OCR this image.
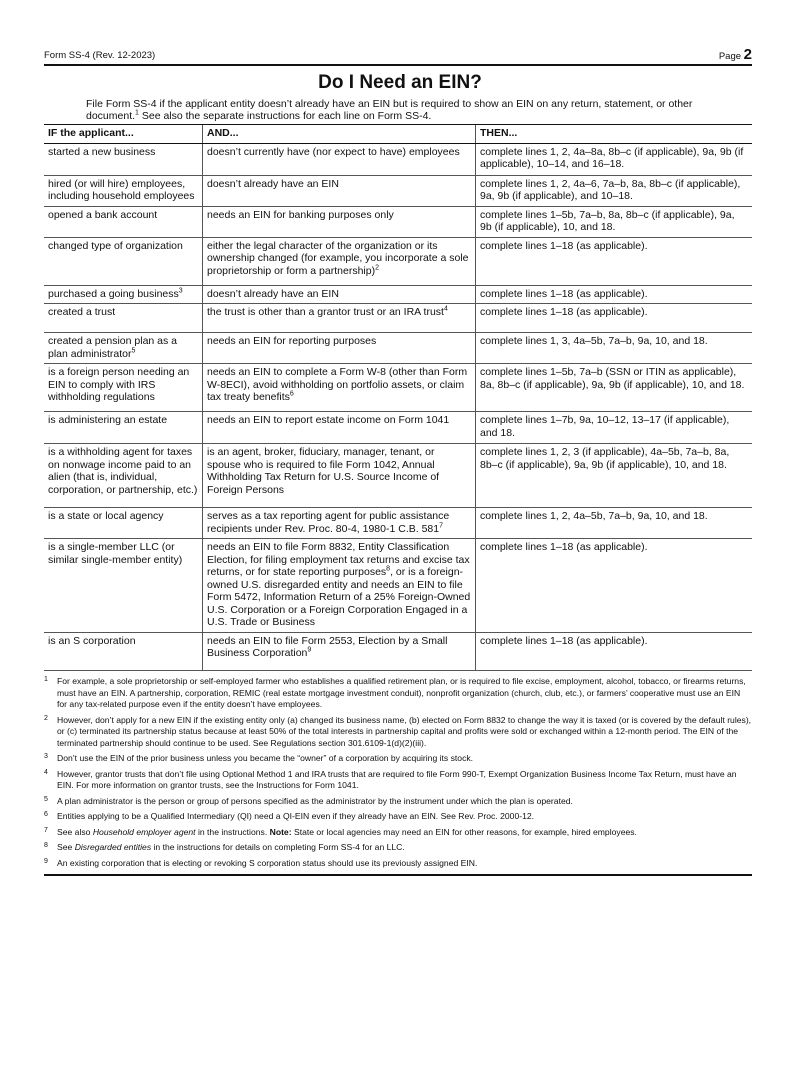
Form SS-4 (Rev. 12-2023)	Page 2
Do I Need an EIN?
File Form SS-4 if the applicant entity doesn’t already have an EIN but is required to show an EIN on any return, statement, or other document.$^1$ See also the separate instructions for each line on Form SS-4.
IF the applicant...	AND...	THEN...
started a new business	doesn’t currently have (nor expect to have) employees	complete lines 1, 2, 4a–8a, 8b–c (if applicable), 9a, 9b (if applicable), 10–14, and 16–18.
hired (or will hire) employees, including household employees	doesn’t already have an EIN	complete lines 1, 2, 4a–6, 7a–b, 8a, 8b–c (if applicable), 9a, 9b (if applicable), and 10–18.
opened a bank account	needs an EIN for banking purposes only	complete lines 1–5b, 7a–b, 8a, 8b–c (if applicable), 9a, 9b (if applicable), 10, and 18.
changed type of organization	either the legal character of the organization or its ownership changed (for example, you incorporate a sole proprietorship or form a partnership)$^2$	complete lines 1–18 (as applicable).
purchased a going business$^3$	doesn’t already have an EIN	complete lines 1–18 (as applicable).
created a trust	the trust is other than a grantor trust or an IRA trust$^4$	complete lines 1–18 (as applicable).
created a pension plan as a plan administrator$^5$	needs an EIN for reporting purposes	complete lines 1, 3, 4a–5b, 7a–b, 9a, 10, and 18.
is a foreign person needing an EIN to comply with IRS withholding regulations	needs an EIN to complete a Form W-8 (other than Form W-8ECI), avoid withholding on portfolio assets, or claim tax treaty benefits$^6$	complete lines 1–5b, 7a–b (SSN or ITIN as applicable), 8a, 8b–c (if applicable), 9a, 9b (if applicable), 10, and 18.
is administering an estate	needs an EIN to report estate income on Form 1041	complete lines 1–7b, 9a, 10–12, 13–17 (if applicable), and 18.
is a withholding agent for taxes on nonwage income paid to an alien (that is, individual, corporation, or partnership, etc.)	is an agent, broker, fiduciary, manager, tenant, or spouse who is required to file Form 1042, Annual Withholding Tax Return for U.S. Source Income of Foreign Persons	complete lines 1, 2, 3 (if applicable), 4a–5b, 7a–b, 8a, 8b–c (if applicable), 9a, 9b (if applicable), 10, and 18.
is a state or local agency	serves as a tax reporting agent for public assistance recipients under Rev. Proc. 80-4, 1980-1 C.B. $581^7$	complete lines 1, 2, 4a–5b, 7a–b, 9a, 10, and 18.
is a single-member LLC (or similar single-member entity)	needs an EIN to file Form 8832, Entity Classification Election, for filing employment tax returns and excise tax returns, or for state reporting purposes$^8$, or is a foreign-owned U.S. disregarded entity and needs an EIN to file Form 5472, Information Return of a 25% Foreign-Owned U.S. Corporation or a Foreign Corporation Engaged in a U.S. Trade or Business	complete lines 1–18 (as applicable).
is an S corporation	needs an EIN to file Form 2553, Election by a Small Business Corporation$^9$	complete lines 1–18 (as applicable).
1 For example, a sole proprietorship or self-employed farmer who establishes a qualified retirement plan, or is required to file excise, employment, alcohol, tobacco, or firearms returns, must have an EIN. A partnership, corporation, REMIC (real estate mortgage investment conduit), nonprofit organization (church, club, etc.), or farmers’ cooperative must use an EIN for any tax-related purpose even if the entity doesn’t have employees.
2 However, don’t apply for a new EIN if the existing entity only (a) changed its business name, (b) elected on Form 8832 to change the way it is taxed (or is covered by the default rules), or (c) terminated its partnership status because at least 50% of the total interests in partnership capital and profits were sold or exchanged within a 12-month period. The EIN of the terminated partnership should continue to be used. See Regulations section 301.6109-1(d)(2)(iii).
3 Don’t use the EIN of the prior business unless you became the “owner” of a corporation by acquiring its stock.
4 However, grantor trusts that don’t file using Optional Method 1 and IRA trusts that are required to file Form 990-T, Exempt Organization Business Income Tax Return, must have an EIN. For more information on grantor trusts, see the Instructions for Form 1041.
5 A plan administrator is the person or group of persons specified as the administrator by the instrument under which the plan is operated.
6 Entities applying to be a Qualified Intermediary (QI) need a QI-EIN even if they already have an EIN. See Rev. Proc. 2000-12.
7 See also Household employer agent in the instructions. Note: State or local agencies may need an EIN for other reasons, for example, hired employees.
8 See Disregarded entities in the instructions for details on completing Form SS-4 for an LLC.
9 An existing corporation that is electing or revoking S corporation status should use its previously assigned EIN.
